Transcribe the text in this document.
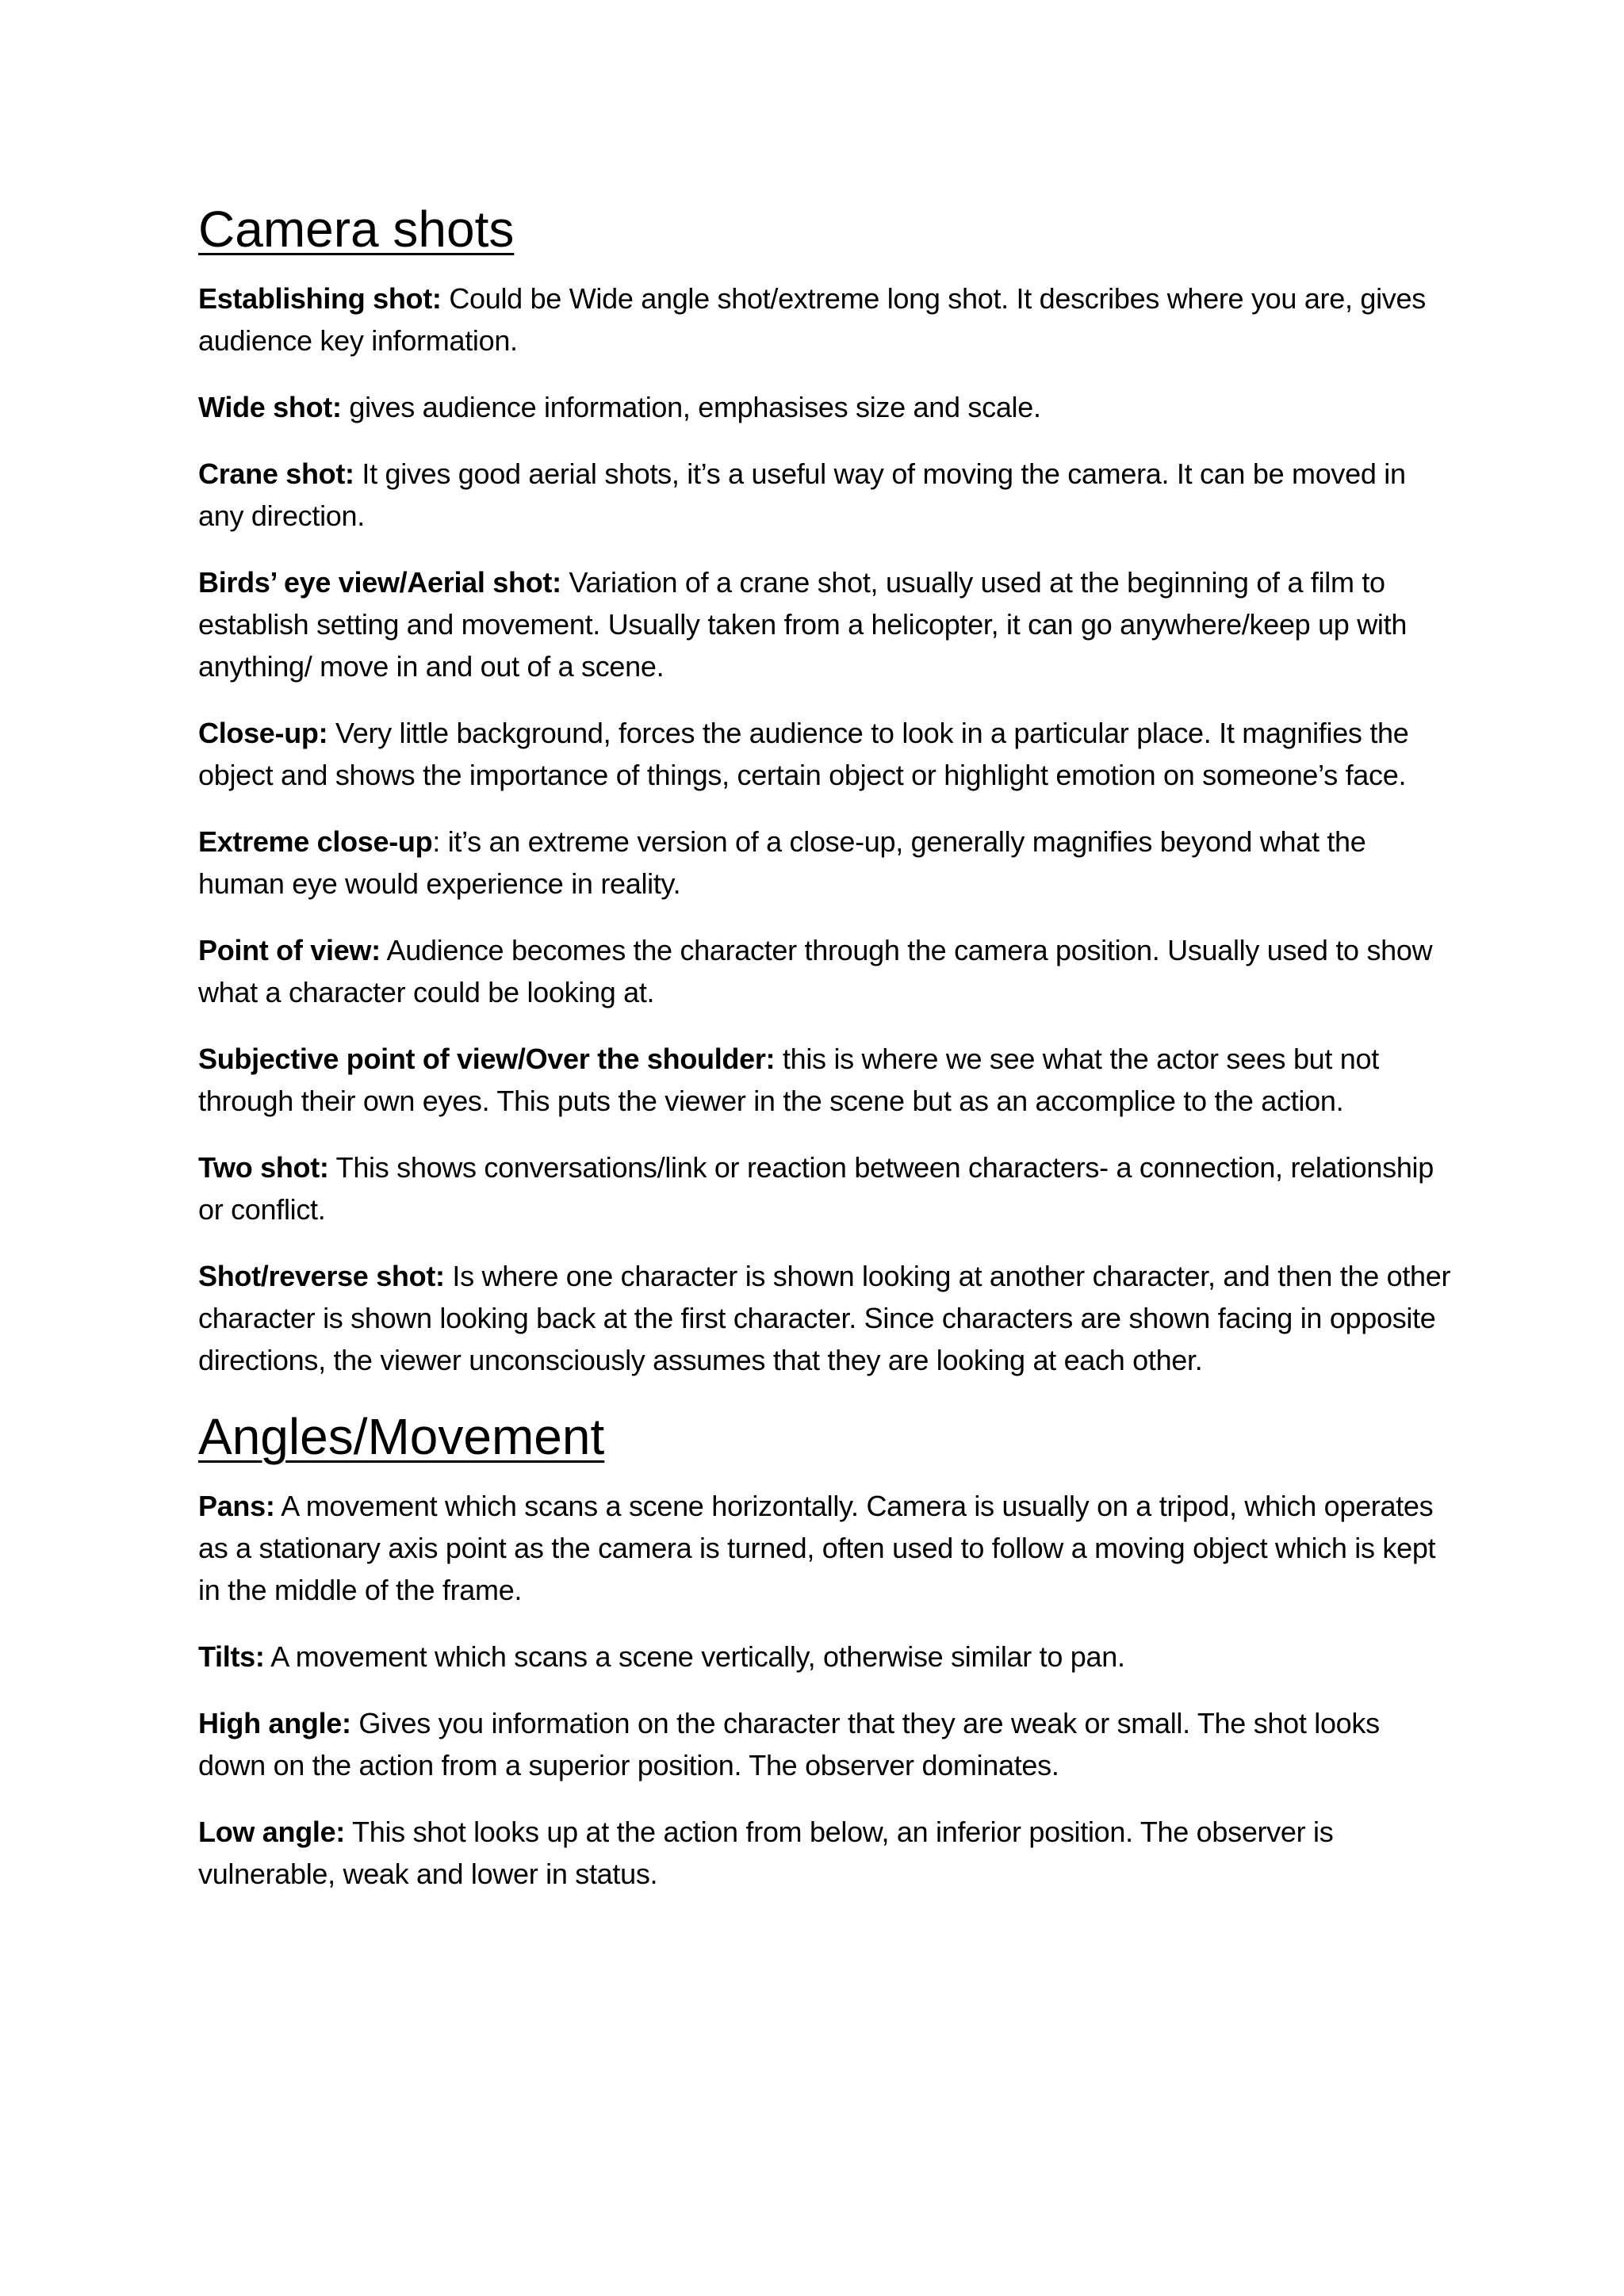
Camera shots

Establishing shot: Could be Wide angle shot/extreme long shot. It describes where you are, gives audience key information.

Wide shot: gives audience information, emphasises size and scale.

Crane shot: It gives good aerial shots, it’s a useful way of moving the camera. It can be moved in any direction.

Birds’ eye view/Aerial shot: Variation of a crane shot, usually used at the beginning of a film to establish setting and movement. Usually taken from a helicopter, it can go anywhere/keep up with anything/ move in and out of a scene.

Close-up: Very little background, forces the audience to look in a particular place. It magnifies the object and shows the importance of things, certain object or highlight emotion on someone’s face.

Extreme close-up: it’s an extreme version of a close-up, generally magnifies beyond what the human eye would experience in reality.

Point of view: Audience becomes the character through the camera position. Usually used to show what a character could be looking at.

Subjective point of view/Over the shoulder: this is where we see what the actor sees but not through their own eyes. This puts the viewer in the scene but as an accomplice to the action.

Two shot: This shows conversations/link or reaction between characters- a connection, relationship or conflict.

Shot/reverse shot: Is where one character is shown looking at another character, and then the other character is shown looking back at the first character. Since characters are shown facing in opposite directions, the viewer unconsciously assumes that they are looking at each other.

Angles/Movement

Pans: A movement which scans a scene horizontally. Camera is usually on a tripod, which operates as a stationary axis point as the camera is turned, often used to follow a moving object which is kept in the middle of the frame.

Tilts: A movement which scans a scene vertically, otherwise similar to pan.

High angle: Gives you information on the character that they are weak or small. The shot looks down on the action from a superior position. The observer dominates.

Low angle: This shot looks up at the action from below, an inferior position. The observer is vulnerable, weak and lower in status.
